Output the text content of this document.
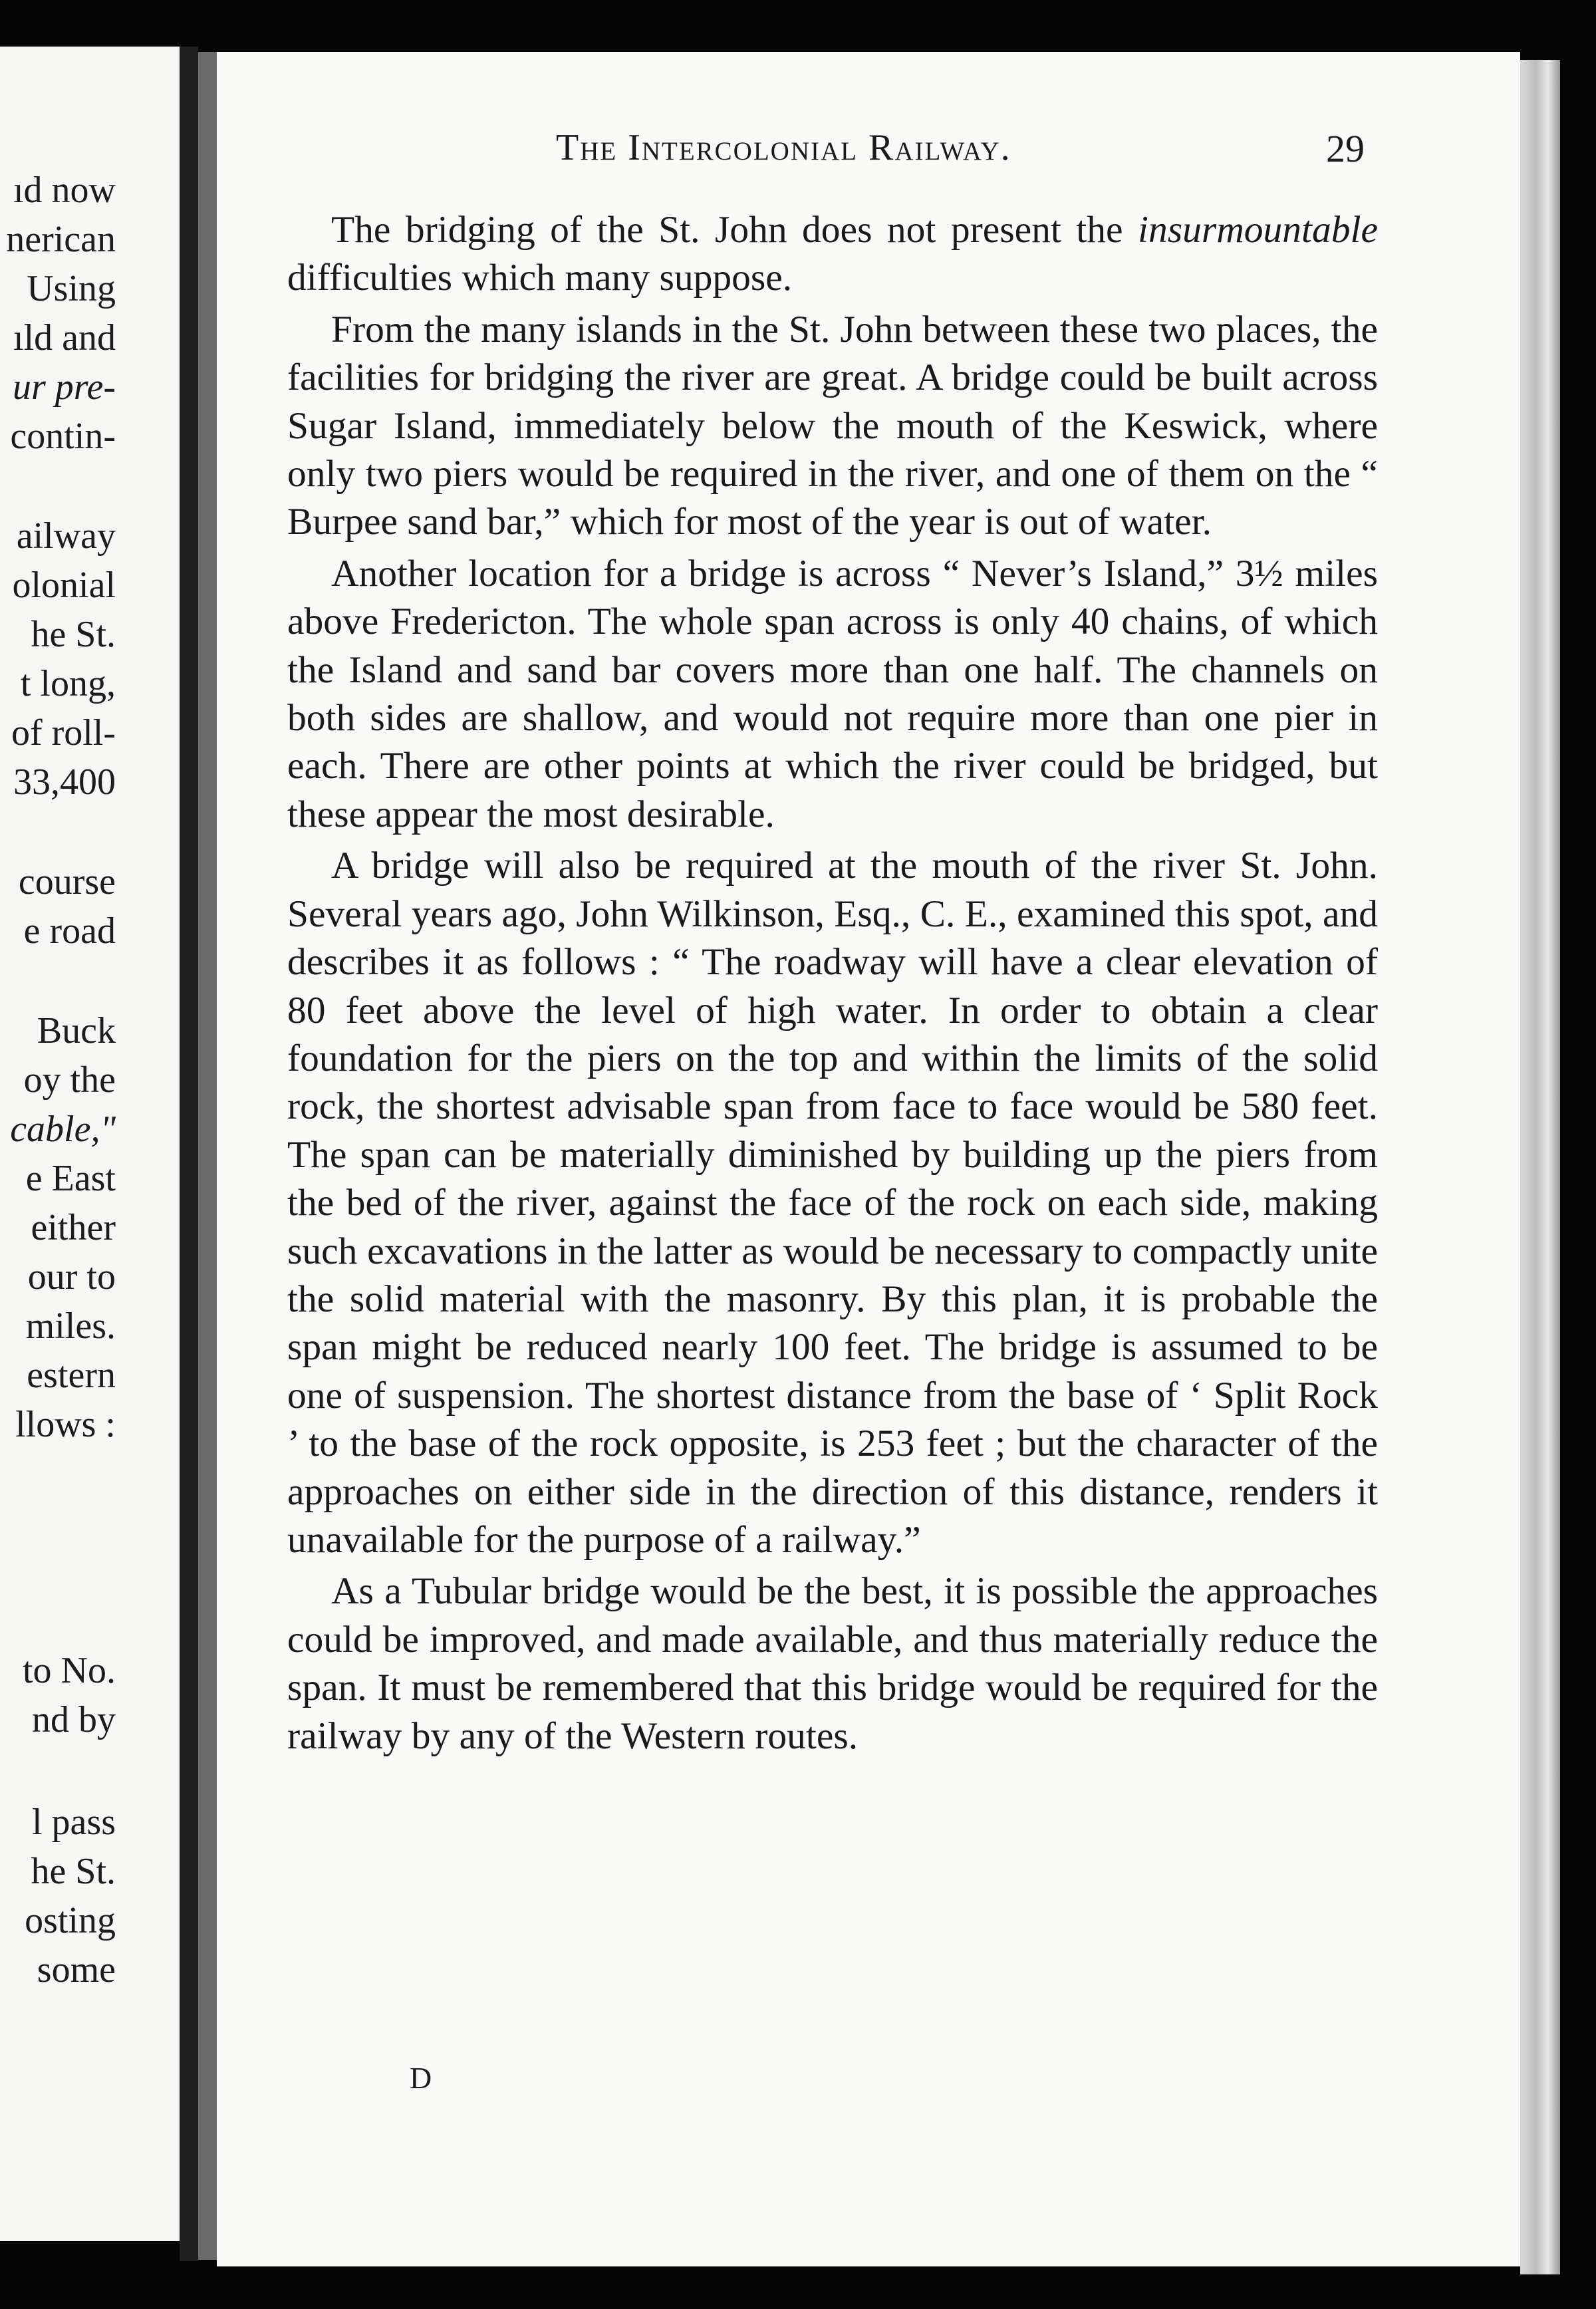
ıd now
nerican
Using
ıld and
ur pre-
contin-
ailway
olonial
he St.
t long,
of roll-
33,400
course
e road
Buck
oy the
cable,"
e East
either
our to
miles.
estern
llows :
to No.
nd by
l pass
he St.
osting
some
The Intercolonial Railway.	29

The bridging of the St. John does not present the insurmountable difficulties which many suppose.

From the many islands in the St. John between these two places, the facilities for bridging the river are great. A bridge could be built across Sugar Island, immediately below the mouth of the Keswick, where only two piers would be required in the river, and one of them on the “ Burpee sand bar,” which for most of the year is out of water.

Another location for a bridge is across “ Never’s Island,” 3½ miles above Fredericton. The whole span across is only 40 chains, of which the Island and sand bar covers more than one half. The channels on both sides are shallow, and would not require more than one pier in each. There are other points at which the river could be bridged, but these appear the most desirable.

A bridge will also be required at the mouth of the river St. John. Several years ago, John Wilkinson, Esq., C. E., examined this spot, and describes it as follows : “ The roadway will have a clear elevation of 80 feet above the level of high water. In order to obtain a clear foundation for the piers on the top and within the limits of the solid rock, the shortest advisable span from face to face would be 580 feet. The span can be materially diminished by building up the piers from the bed of the river, against the face of the rock on each side, making such excavations in the latter as would be necessary to compactly unite the solid material with the masonry. By this plan, it is probable the span might be reduced nearly 100 feet. The bridge is assumed to be one of suspension. The shortest distance from the base of ‘ Split Rock ’ to the base of the rock opposite, is 253 feet ; but the character of the approaches on either side in the direction of this distance, renders it unavailable for the purpose of a railway.”

As a Tubular bridge would be the best, it is possible the approaches could be improved, and made available, and thus materially reduce the span. It must be remembered that this bridge would be required for the railway by any of the Western routes.

D
